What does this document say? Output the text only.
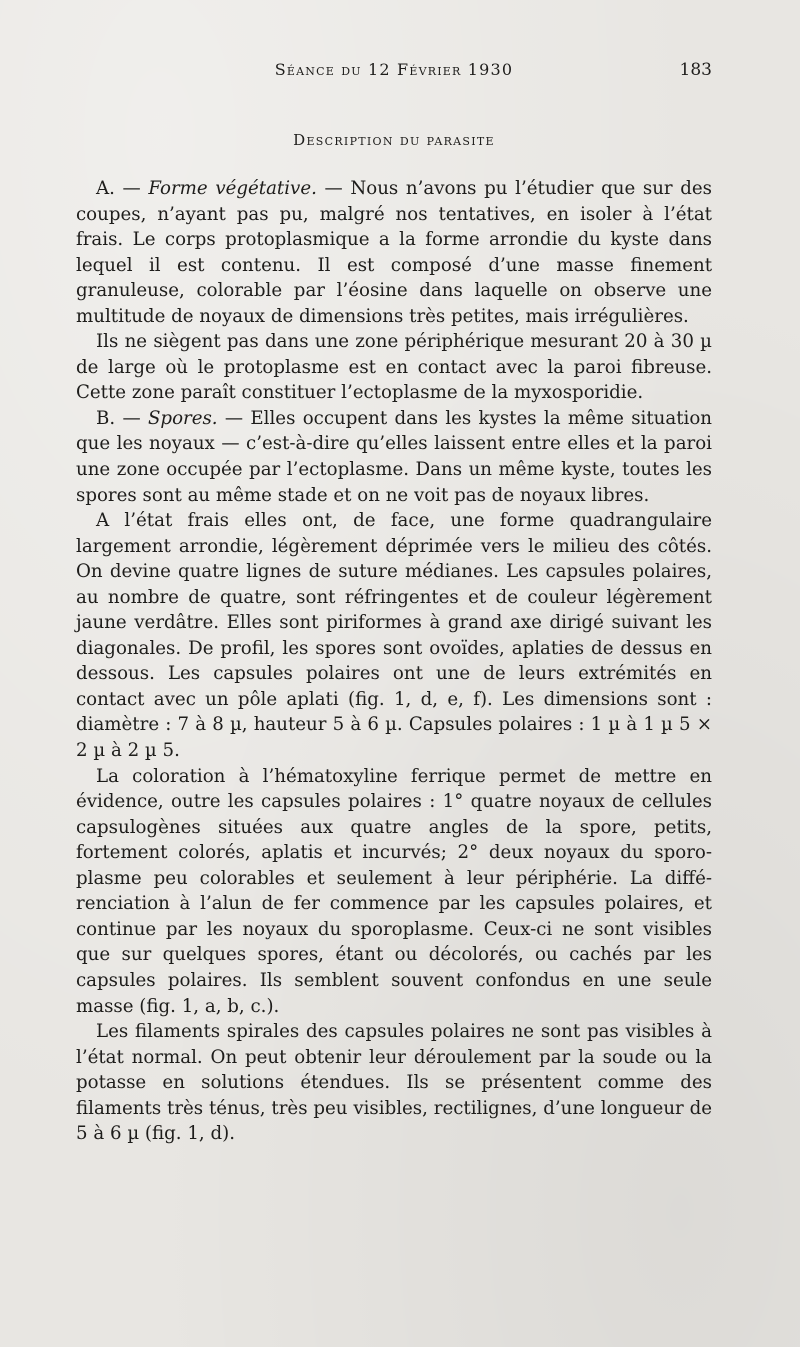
Séance du 12 Février 1930	183
Description du parasite

A. — Forme végétative. — Nous n’avons pu l’étudier que sur des coupes, n’ayant pas pu, malgré nos tentatives, en isoler à l’état frais. Le corps protoplasmique a la forme arrondie du kyste dans lequel il est contenu. Il est composé d’une masse finement granuleuse, colorable par l’éosine dans laquelle on observe une multitude de noyaux de dimensions très petites, mais irrégulières.

Ils ne siègent pas dans une zone périphérique mesurant 20 à 30 µ de large où le protoplasme est en contact avec la paroi fibreuse. Cette zone paraît constituer l’ectoplasme de la myxosporidie.

B. — Spores. — Elles occupent dans les kystes la même situation que les noyaux — c’est-à-dire qu’elles laissent entre elles et la paroi une zone occupée par l’ectoplasme. Dans un même kyste, toutes les spores sont au même stade et on ne voit pas de noyaux libres.

A l’état frais elles ont, de face, une forme quadrangulaire largement arrondie, légèrement déprimée vers le milieu des côtés. On devine quatre lignes de suture médianes. Les capsules polaires, au nombre de quatre, sont réfringentes et de couleur légèrement jaune verdâtre. Elles sont piriformes à grand axe dirigé suivant les diagonales. De profil, les spores sont ovoïdes, aplaties de dessus en dessous. Les capsules polaires ont une de leurs extrémités en contact avec un pôle aplati (fig. 1, d, e, f). Les dimensions sont : diamètre : 7 à 8 µ, hauteur 5 à 6 µ. Capsules polaires : 1 µ à 1 µ 5 × 2 µ à 2 µ 5.

La coloration à l’hématoxyline ferrique permet de mettre en évidence, outre les capsules polaires : 1° quatre noyaux de cellules capsulogènes situées aux quatre angles de la spore, petits, fortement colorés, aplatis et incurvés; 2° deux noyaux du sporoplasme peu colorables et seulement à leur périphérie. La différenciation à l’alun de fer commence par les capsules polaires, et continue par les noyaux du sporoplasme. Ceux-ci ne sont visibles que sur quelques spores, étant ou décolorés, ou cachés par les capsules polaires. Ils semblent souvent confondus en une seule masse (fig. 1, a, b, c.).

Les filaments spirales des capsules polaires ne sont pas visibles à l’état normal. On peut obtenir leur déroulement par la soude ou la potasse en solutions étendues. Ils se présentent comme des filaments très ténus, très peu visibles, rectilignes, d’une longueur de 5 à 6 µ (fig. 1, d).
